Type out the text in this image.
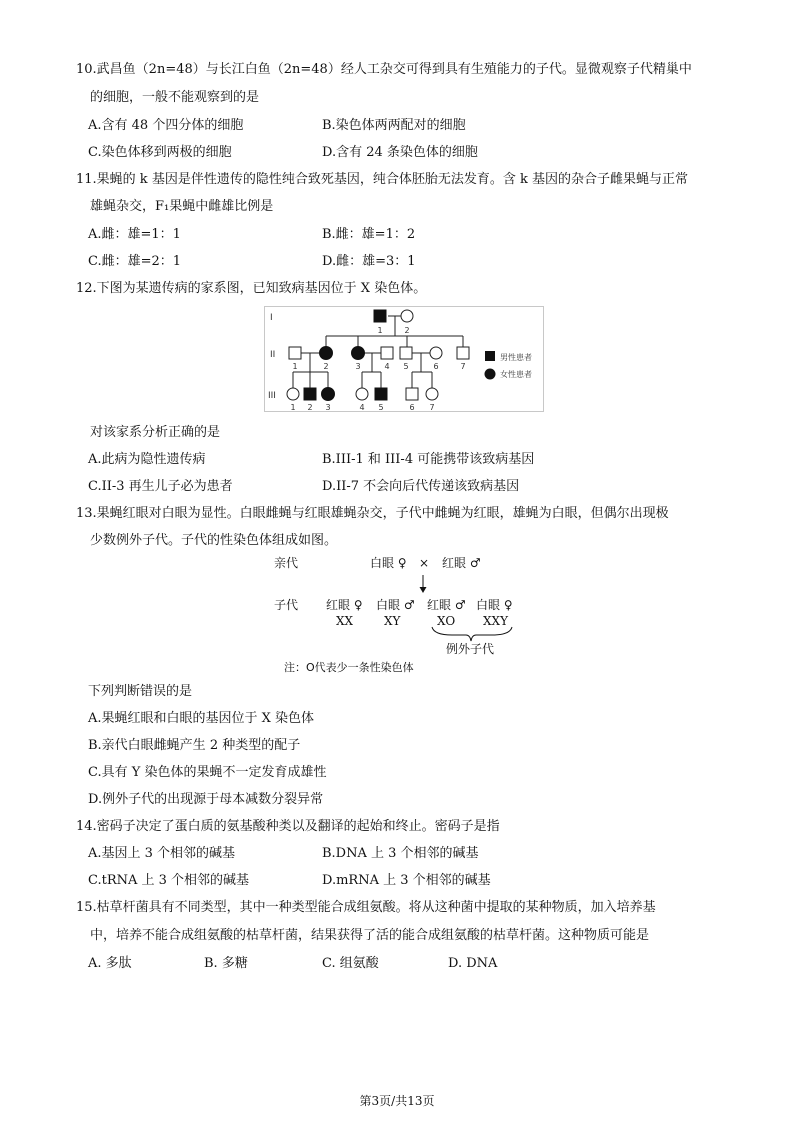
10.武昌鱼（2n=48）与长江白鱼（2n=48）经人工杂交可得到具有生殖能力的子代。显微观察子代精巢中
的细胞，一般不能观察到的是
A.含有 48 个四分体的细胞	B.染色体两两配对的细胞
C.染色体移到两极的细胞	D.含有 24 条染色体的细胞
11.果蝇的 k 基因是伴性遗传的隐性纯合致死基因，纯合体胚胎无法发育。含 k 基因的杂合子雌果蝇与正常
雄蝇杂交，F₁果蝇中雌雄比例是
A.雌：雄=1：1	B.雌：雄=1：2
C.雌：雄=2：1	D.雌：雄=3：1
12.下图为某遗传病的家系图，已知致病基因位于 X 染色体。
I
II
III
1	2
1	2	3	4 5	6	7
1 2 3	4 5	6 7
男性患者
女性患者
对该家系分析正确的是
A.此病为隐性遗传病	B.III-1 和 III-4 可能携带该致病基因
C.II-3 再生儿子必为患者	D.II-7 不会向后代传递该致病基因
13.果蝇红眼对白眼为显性。白眼雌蝇与红眼雄蝇杂交，子代中雌蝇为红眼，雄蝇为白眼，但偶尔出现极
少数例外子代。子代的性染色体组成如图。
亲代	白眼 ♀ × 红眼 ♂
子代 红眼 ♀ 白眼 ♂ 红眼 ♂ 白眼 ♀
XX	XY	XO XXY
例外子代
注：O代表少一条性染色体
下列判断错误的是
A.果蝇红眼和白眼的基因位于 X 染色体
B.亲代白眼雌蝇产生 2 种类型的配子
C.具有 Y 染色体的果蝇不一定发育成雄性
D.例外子代的出现源于母本减数分裂异常
14.密码子决定了蛋白质的氨基酸种类以及翻译的起始和终止。密码子是指
A.基因上 3 个相邻的碱基	B.DNA 上 3 个相邻的碱基
C.tRNA 上 3 个相邻的碱基	D.mRNA 上 3 个相邻的碱基
15.枯草杆菌具有不同类型，其中一种类型能合成组氨酸。将从这种菌中提取的某种物质，加入培养基
中，培养不能合成组氨酸的枯草杆菌，结果获得了活的能合成组氨酸的枯草杆菌。这种物质可能是
A. 多肽	B. 多糖	C. 组氨酸	D. DNA
第3页/共13页
